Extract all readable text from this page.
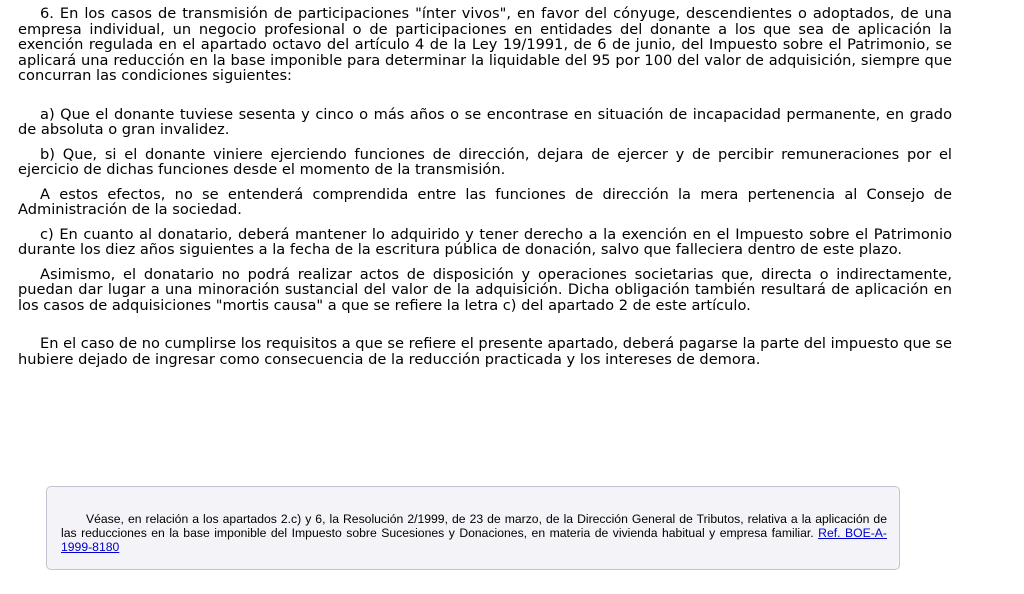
6. En los casos de transmisión de participaciones "ínter vivos", en favor del cónyuge, descendientes o adoptados, de una empresa individual, un negocio profesional o de participaciones en entidades del donante a los que sea de aplicación la exención regulada en el apartado octavo del artículo 4 de la Ley 19/1991, de 6 de junio, del Impuesto sobre el Patrimonio, se aplicará una reducción en la base imponible para determinar la liquidable del 95 por 100 del valor de adquisición, siempre que concurran las condiciones siguientes:

a) Que el donante tuviese sesenta y cinco o más años o se encontrase en situación de incapacidad permanente, en grado de absoluta o gran invalidez.

b) Que, si el donante viniere ejerciendo funciones de dirección, dejara de ejercer y de percibir remuneraciones por el ejercicio de dichas funciones desde el momento de la transmisión.

A estos efectos, no se entenderá comprendida entre las funciones de dirección la mera pertenencia al Consejo de Administración de la sociedad.

c) En cuanto al donatario, deberá mantener lo adquirido y tener derecho a la exención en el Impuesto sobre el Patrimonio durante los diez años siguientes a la fecha de la escritura pública de donación, salvo que falleciera dentro de este plazo.

Asimismo, el donatario no podrá realizar actos de disposición y operaciones societarias que, directa o indirectamente, puedan dar lugar a una minoración sustancial del valor de la adquisición. Dicha obligación también resultará de aplicación en los casos de adquisiciones "mortis causa" a que se refiere la letra c) del apartado 2 de este artículo.

En el caso de no cumplirse los requisitos a que se refiere el presente apartado, deberá pagarse la parte del impuesto que se hubiere dejado de ingresar como consecuencia de la reducción practicada y los intereses de demora.

Véase, en relación a los apartados 2.c) y 6, la Resolución 2/1999, de 23 de marzo, de la Dirección General de Tributos, relativa a la aplicación de las reducciones en la base imponible del Impuesto sobre Sucesiones y Donaciones, en materia de vivienda habitual y empresa familiar. Ref. BOE-A-1999-8180
